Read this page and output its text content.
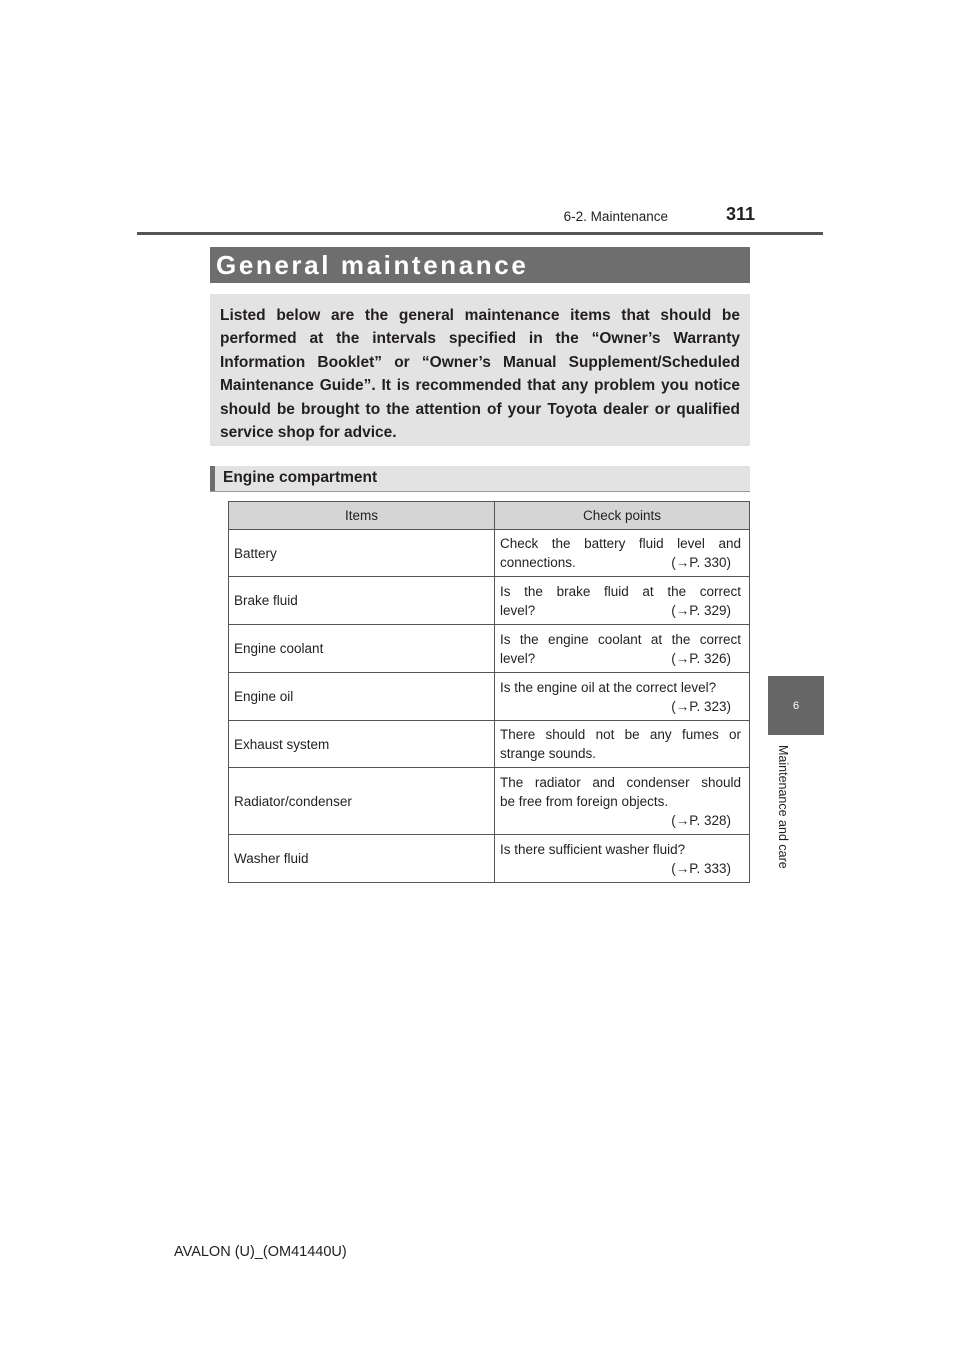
311
6-2. Maintenance
6
Maintenance and care
General maintenance

Listed below are the general maintenance items that should be performed at the intervals specified in the “Owner’s Warranty Information Booklet” or “Owner’s Manual Supplement/Scheduled Maintenance Guide”. It is recommended that any problem you notice should be brought to the attention of your Toyota dealer or qualified service shop for advice.

Engine compartment
Items	Check points
Battery	Check the battery fluid level and
connections. (→P. 330)

Brake fluid	Is the brake fluid at the correct
level? (→P. 329)

Engine coolant	Is the engine coolant at the correct
level? (→P. 326)

Engine oil	Is the engine oil at the correct level?
(→P. 323)

Exhaust system	There should not be any fumes or
strange sounds.

Radiator/condenser	The radiator and condenser should
be free from foreign objects.
(→P. 328)

Washer fluid	Is there sufficient washer fluid?
(→P. 333)
AVALON (U)_(OM41440U)
